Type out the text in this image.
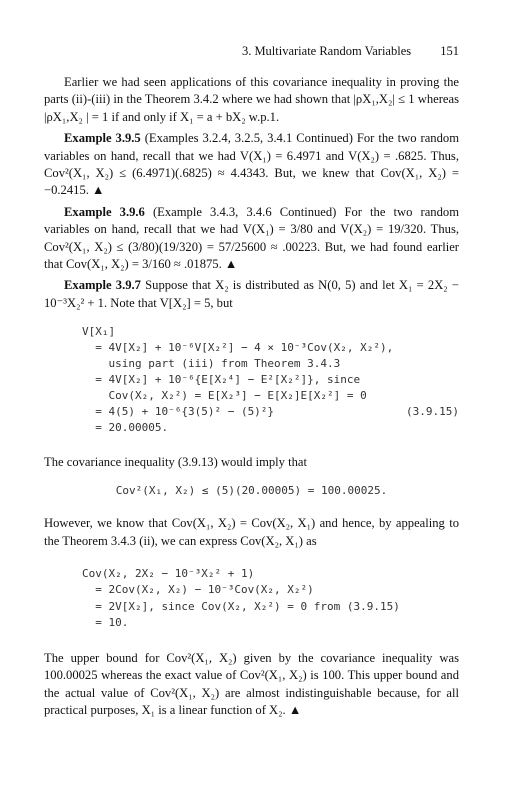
3. Multivariate Random Variables 151

Earlier we had seen applications of this covariance inequality in proving the parts (ii)-(iii) in the Theorem 3.4.2 where we had shown that |ρX₁,X₂| ≤ 1 whereas |ρX₁,X₂ | = 1 if and only if X₁ = a + bX₂ w.p.1.

Example 3.9.5 (Examples 3.2.4, 3.2.5, 3.4.1 Continued) For the two random variables on hand, recall that we had V(X₁) = 6.4971 and V(X₂) = .6825. Thus, Cov²(X₁, X₂) ≤ (6.4971)(.6825) ≈ 4.4343. But, we knew that Cov(X₁, X₂) = −0.2415. ▲

Example 3.9.6 (Example 3.4.3, 3.4.6 Continued) For the two random variables on hand, recall that we had V(X₁) = 3/80 and V(X₂) = 19/320. Thus, Cov²(X₁, X₂) ≤ (3/80)(19/320) = 57/25600 ≈ .00223. But, we had found earlier that Cov(X₁, X₂) = 3/160 ≈ .01875. ▲

Example 3.9.7 Suppose that X₂ is distributed as N(0, 5) and let X₁ = 2X₂ − 10⁻³X₂² + 1. Note that V[X₂] = 5, but

V[X₁]
= 4V[X₂] + 10⁻⁶V[X₂²] − 4 × 10⁻³Cov(X₂, X₂²),
using part (iii) from Theorem 3.4.3
= 4V[X₂] + 10⁻⁶{E[X₂⁴] − E²[X₂²]}, since
Cov(X₂, X₂²) = E[X₂³] − E[X₂]E[X₂²] = 0
= 4(5) + 10⁻⁶{3(5)² − (5)²}
= 20.00005.
(3.9.15)

The covariance inequality (3.9.13) would imply that

Cov²(X₁, X₂) ≤ (5)(20.00005) = 100.00025.

However, we know that Cov(X₁, X₂) = Cov(X₂, X₁) and hence, by appealing to the Theorem 3.4.3 (ii), we can express Cov(X₂, X₁) as

Cov(X₂, 2X₂ − 10⁻³X₂² + 1)
= 2Cov(X₂, X₂) − 10⁻³Cov(X₂, X₂²)
= 2V[X₂], since Cov(X₂, X₂²) = 0 from (3.9.15)
= 10.

The upper bound for Cov²(X₁, X₂) given by the covariance inequality was 100.00025 whereas the exact value of Cov²(X₁, X₂) is 100. This upper bound and the actual value of Cov²(X₁, X₂) are almost indistinguishable because, for all practical purposes, X₁ is a linear function of X₂. ▲
